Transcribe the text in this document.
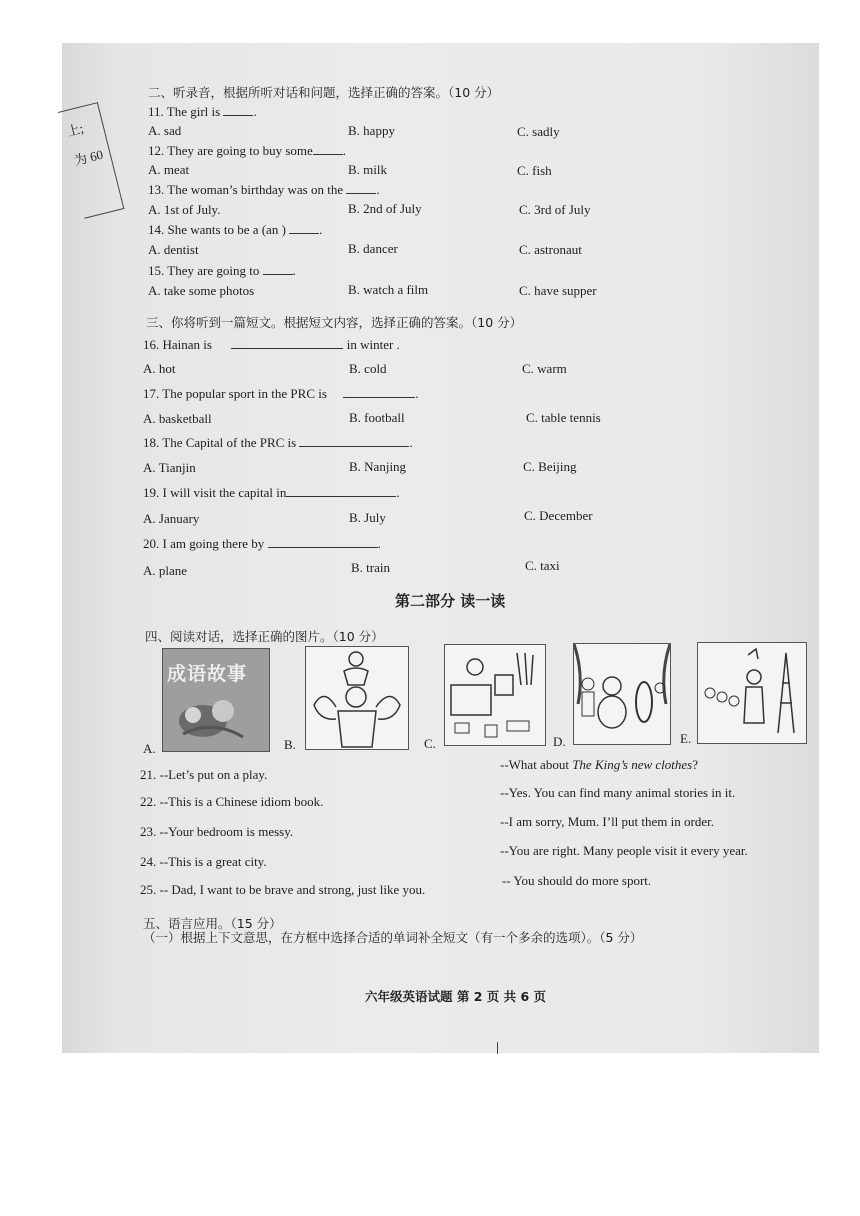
上;
为 60
二、听录音，根据所听对话和问题，选择正确的答案。（10 分）
11. The girl is	.
A. sad	B. happy	C. sadly
12. They are going to buy some .
A. meat	B. milk	C. fish
13. The woman’s birthday was on the	.
A. 1st of July.	B. 2nd of July	C. 3rd of July
14. She wants to be a (an )	.
A. dentist	B. dancer	C. astronaut
15. They are going to	.
A. take some photos	B. watch a film	C. have supper
三、你将听到一篇短文。根据短文内容，选择正确的答案。（10 分）
16. Hainan is	in winter .
A. hot	B. cold	C. warm
17. The popular sport in the PRC is	.
A. basketball	B. football	C. table tennis
18. The Capital of the PRC is	.
A. Tianjin	B. Nanjing	C. Beijing
19. I will visit the capital in	.
A. January	B. July	C. December
20. I am going there by	.
A. plane	B. train	C. taxi
第二部分 读一读
四、阅读对话，选择正确的图片。（10 分）
A.
成语故事
B.	C.	D.	E.
21. --Let’s put on a play.
--What about The King’s new clothes?
22. --This is a Chinese idiom book.
--Yes. You can find many animal stories in it.
23. --Your bedroom is messy.
--I am sorry, Mum. I’ll put them in order.
24. --This is a great city.
--You are right. Many people visit it every year.
25. -- Dad, I want to be brave and strong, just like you.
-- You should do more sport.
五、语言应用。（15 分）
（一）根据上下文意思，在方框中选择合适的单词补全短文（有一个多余的选项）。（5 分）
六年级英语试题 第 2 页 共 6 页
